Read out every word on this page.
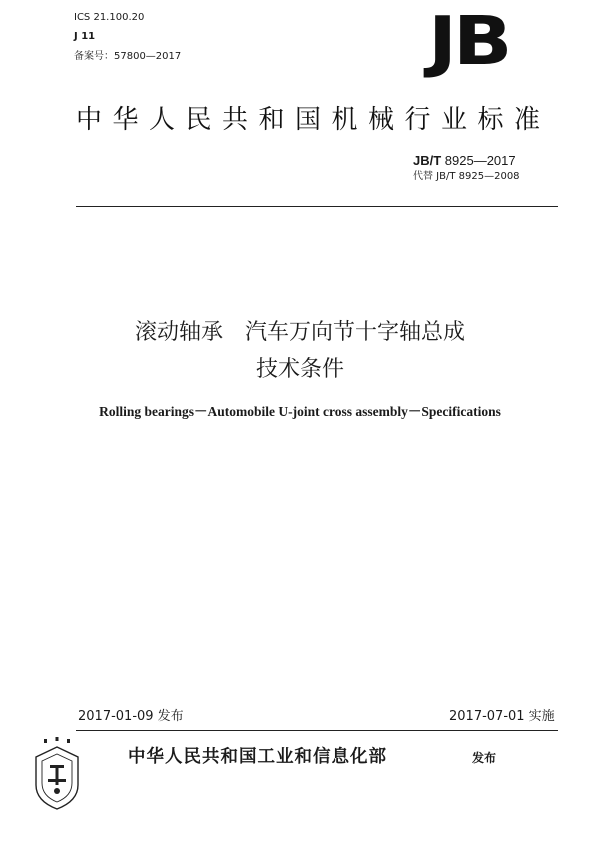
ICS 21.100.20
J 11
备案号：57800—2017	JB
中华人民共和国机械行业标准
JB/T 8925—2017
代替 JB/T 8925—2008
滚动轴承　汽车万向节十字轴总成
技术条件
Rolling bearings－Automobile U-joint cross assembly－Specifications
2017-01-09 发布	2017-07-01 实施
中华人民共和国工业和信息化部	发布
